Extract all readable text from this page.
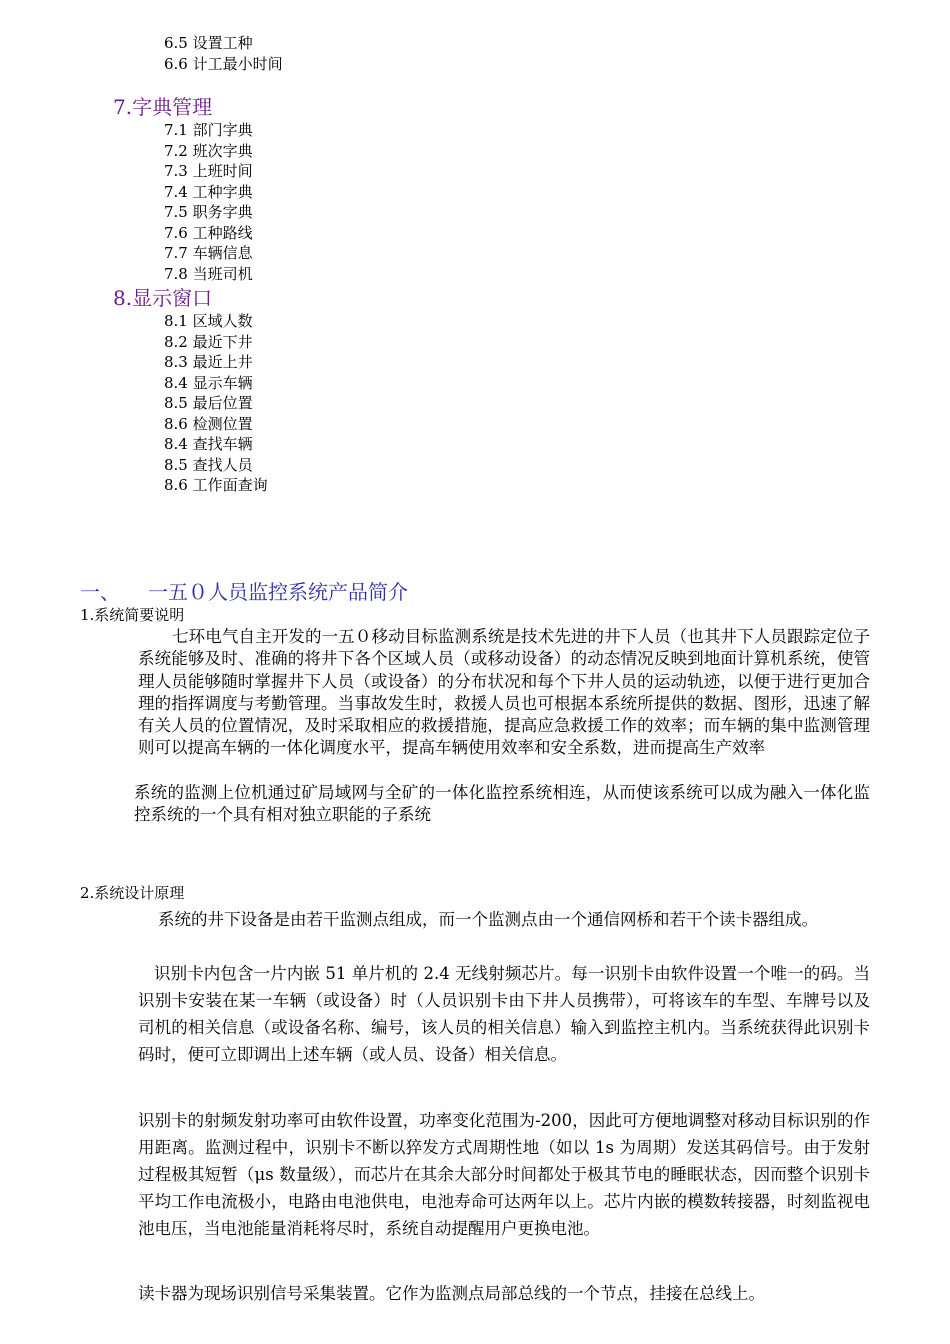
6.5 设置工种
6.6 计工最小时间
7.字典管理
7.1 部门字典
7.2 班次字典
7.3 上班时间
7.4 工种字典
7.5 职务字典
7.6 工种路线
7.7 车辆信息
7.8 当班司机
8.显示窗口
8.1 区域人数
8.2 最近下井
8.3 最近上井
8.4 显示车辆
8.5 最后位置
8.6 检测位置
8.4 查找车辆
8.5 查找人员
8.6 工作面查询
一、 一五０人员监控系统产品简介
1.系统简要说明
七环电气自主开发的一五０移动目标监测系统是技术先进的井下人员（也其井下人员跟踪定位子系统能够及时、准确的将井下各个区域人员（或移动设备）的动态情况反映到地面计算机系统，使管理人员能够随时掌握井下人员（或设备）的分布状况和每个下井人员的运动轨迹，以便于进行更加合理的指挥调度与考勤管理。当事故发生时，救援人员也可根据本系统所提供的数据、图形，迅速了解有关人员的位置情况，及时采取相应的救援措施，提高应急救援工作的效率；而车辆的集中监测管理则可以提高车辆的一体化调度水平，提高车辆使用效率和安全系数，进而提高生产效率
系统的监测上位机通过矿局域网与全矿的一体化监控系统相连，从而使该系统可以成为融入一体化监控系统的一个具有相对独立职能的子系统
2.系统设计原理
系统的井下设备是由若干监测点组成，而一个监测点由一个通信网桥和若干个读卡器组成。
识别卡内包含一片内嵌 51 单片机的 2.4 无线射频芯片。每一识别卡由软件设置一个唯一的码。当识别卡安装在某一车辆（或设备）时（人员识别卡由下井人员携带），可将该车的车型、车牌号以及司机的相关信息（或设备名称、编号，该人员的相关信息）输入到监控主机内。当系统获得此识别卡码时，便可立即调出上述车辆（或人员、设备）相关信息。
识别卡的射频发射功率可由软件设置，功率变化范围为-200，因此可方便地调整对移动目标识别的作用距离。监测过程中，识别卡不断以猝发方式周期性地（如以 1s 为周期）发送其码信号。由于发射过程极其短暂（μs 数量级），而芯片在其余大部分时间都处于极其节电的睡眠状态，因而整个识别卡平均工作电流极小，电路由电池供电，电池寿命可达两年以上。芯片内嵌的模数转接器，时刻监视电池电压，当电池能量消耗将尽时，系统自动提醒用户更换电池。
读卡器为现场识别信号采集装置。它作为监测点局部总线的一个节点，挂接在总线上。
